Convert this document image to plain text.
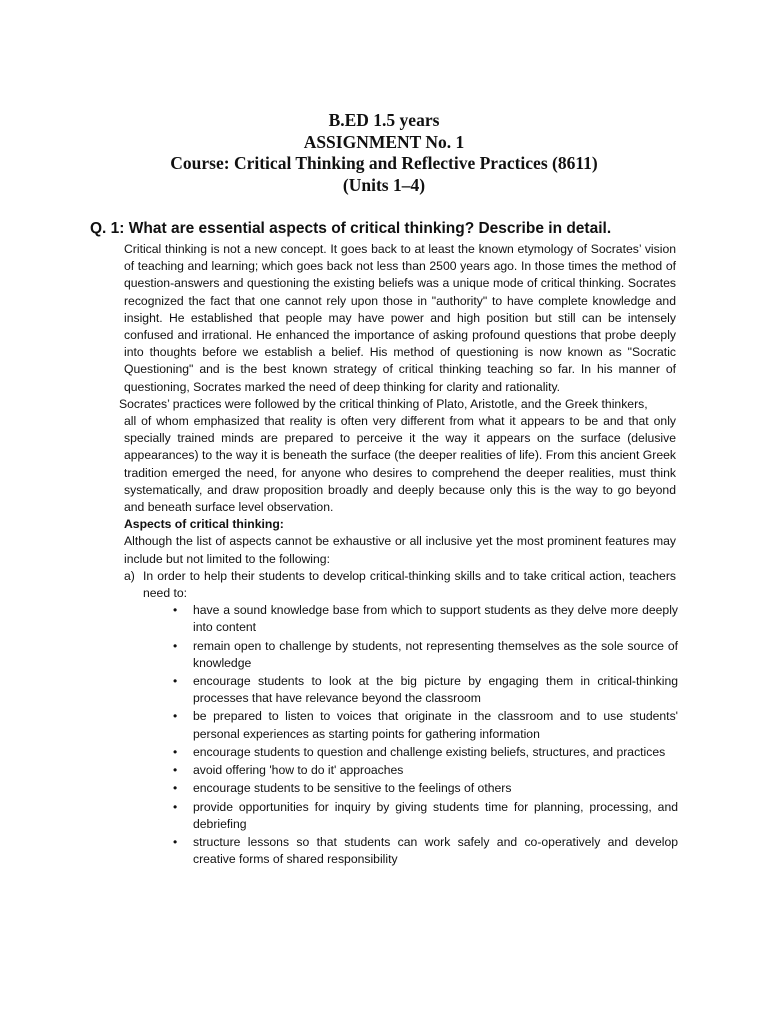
B.ED 1.5 years
ASSIGNMENT No. 1
Course: Critical Thinking and Reflective Practices (8611)
(Units 1–4)
Q. 1: What are essential aspects of critical thinking? Describe in detail.
Critical thinking is not a new concept. It goes back to at least the known etymology of Socrates’ vision of teaching and learning; which goes back not less than 2500 years ago. In those times the method of question-answers and questioning the existing beliefs was a unique mode of critical thinking. Socrates recognized the fact that one cannot rely upon those in "authority" to have complete knowledge and insight. He established that people may have power and high position but still can be intensely confused and irrational. He enhanced the importance of asking profound questions that probe deeply into thoughts before we establish a belief. His method of questioning is now known as "Socratic Questioning" and is the best known strategy of critical thinking teaching so far. In his manner of questioning, Socrates marked the need of deep thinking for clarity and rationality.
Socrates’ practices were followed by the critical thinking of Plato, Aristotle, and the Greek thinkers,
all of whom emphasized that reality is often very different from what it appears to be and that only specially trained minds are prepared to perceive it the way it appears on the surface (delusive appearances) to the way it is beneath the surface (the deeper realities of life). From this ancient Greek tradition emerged the need, for anyone who desires to comprehend the deeper realities, must think systematically, and draw proposition broadly and deeply because only this is the way to go beyond and beneath surface level observation.
Aspects of critical thinking:
Although the list of aspects cannot be exhaustive or all inclusive yet the most prominent features may include but not limited to the following:
a) In order to help their students to develop critical-thinking skills and to take critical action, teachers need to:
• have a sound knowledge base from which to support students as they delve more deeply into content
• remain open to challenge by students, not representing themselves as the sole source of knowledge
• encourage students to look at the big picture by engaging them in critical-thinking processes that have relevance beyond the classroom
• be prepared to listen to voices that originate in the classroom and to use students' personal experiences as starting points for gathering information
• encourage students to question and challenge existing beliefs, structures, and practices
• avoid offering 'how to do it' approaches
• encourage students to be sensitive to the feelings of others
• provide opportunities for inquiry by giving students time for planning, processing, and debriefing
• structure lessons so that students can work safely and co-operatively and develop creative forms of shared responsibility
